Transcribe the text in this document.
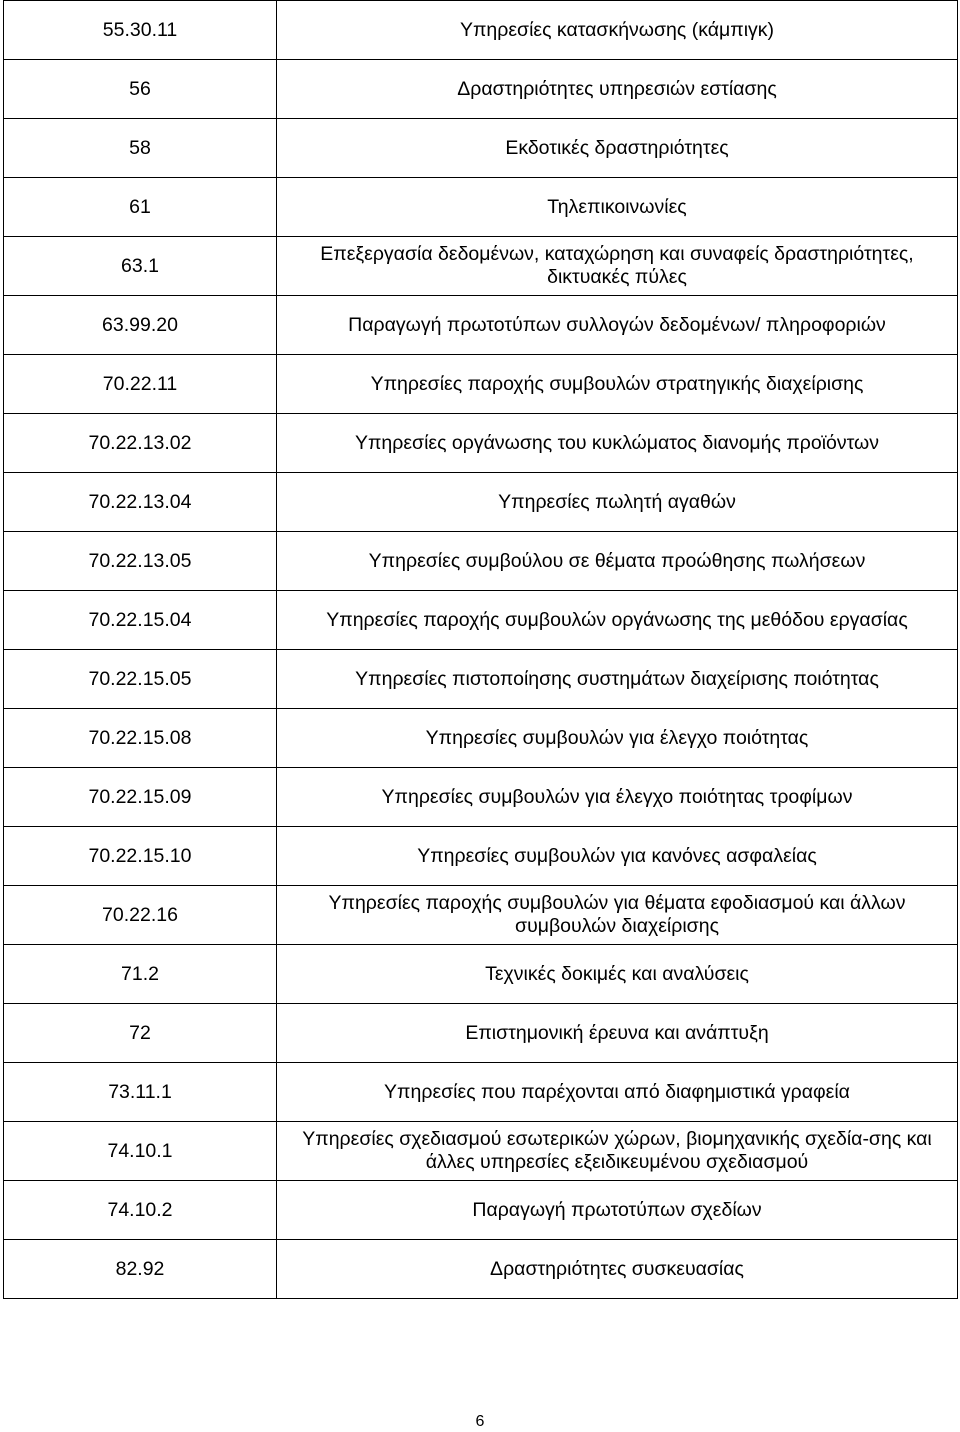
55.30.11	Υπηρεσίες κατασκήνωσης (κάμπιγκ)
56	Δραστηριότητες υπηρεσιών εστίασης
58	Εκδοτικές δραστηριότητες
61	Τηλεπικοινωνίες
63.1	Επεξεργασία δεδομένων, καταχώρηση και συναφείς δραστηριότητες, δικτυακές πύλες
63.99.20	Παραγωγή πρωτοτύπων συλλογών δεδομένων/ πληροφοριών
70.22.11	Υπηρεσίες παροχής συμβουλών στρατηγικής διαχείρισης
70.22.13.02	Υπηρεσίες οργάνωσης του κυκλώματος διανομής προϊόντων
70.22.13.04	Υπηρεσίες πωλητή αγαθών
70.22.13.05	Υπηρεσίες συμβούλου σε θέματα προώθησης πωλήσεων
70.22.15.04	Υπηρεσίες παροχής συμβουλών οργάνωσης της μεθόδου εργασίας
70.22.15.05	Υπηρεσίες πιστοποίησης συστημάτων διαχείρισης ποιότητας
70.22.15.08	Υπηρεσίες συμβουλών για έλεγχο ποιότητας
70.22.15.09	Υπηρεσίες συμβουλών για έλεγχο ποιότητας τροφίμων
70.22.15.10	Υπηρεσίες συμβουλών για κανόνες ασφαλείας
70.22.16	Υπηρεσίες παροχής συμβουλών για θέματα εφοδιασμού και άλλων συμβουλών διαχείρισης
71.2	Τεχνικές δοκιμές και αναλύσεις
72	Επιστημονική έρευνα και ανάπτυξη
73.11.1	Υπηρεσίες που παρέχονται από διαφημιστικά γραφεία
74.10.1	Υπηρεσίες σχεδιασμού εσωτερικών χώρων, βιομηχανικής σχεδία-σης και άλλες υπηρεσίες εξειδικευμένου σχεδιασμού
74.10.2	Παραγωγή πρωτοτύπων σχεδίων
82.92	Δραστηριότητες συσκευασίας
6
